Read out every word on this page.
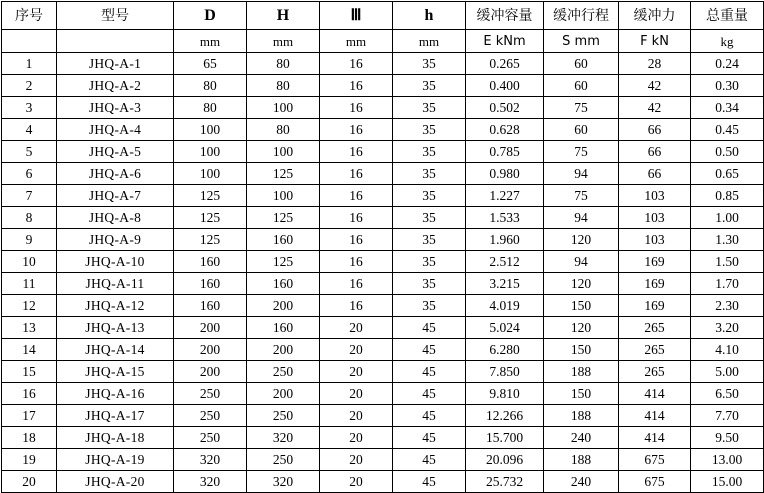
序号	型号	D	H	Ⅲ	h	缓冲容量	缓冲行程	缓冲力	总重量
		mm	mm	mm	mm	E kNm	S mm	F kN	kg
1	JHQ-A-1	65	80	16	35	0.265	60	28	0.24
2	JHQ-A-2	80	80	16	35	0.400	60	42	0.30
3	JHQ-A-3	80	100	16	35	0.502	75	42	0.34
4	JHQ-A-4	100	80	16	35	0.628	60	66	0.45
5	JHQ-A-5	100	100	16	35	0.785	75	66	0.50
6	JHQ-A-6	100	125	16	35	0.980	94	66	0.65
7	JHQ-A-7	125	100	16	35	1.227	75	103	0.85
8	JHQ-A-8	125	125	16	35	1.533	94	103	1.00
9	JHQ-A-9	125	160	16	35	1.960	120	103	1.30
10	JHQ-A-10	160	125	16	35	2.512	94	169	1.50
11	JHQ-A-11	160	160	16	35	3.215	120	169	1.70
12	JHQ-A-12	160	200	16	35	4.019	150	169	2.30
13	JHQ-A-13	200	160	20	45	5.024	120	265	3.20
14	JHQ-A-14	200	200	20	45	6.280	150	265	4.10
15	JHQ-A-15	200	250	20	45	7.850	188	265	5.00
16	JHQ-A-16	250	200	20	45	9.810	150	414	6.50
17	JHQ-A-17	250	250	20	45	12.266	188	414	7.70
18	JHQ-A-18	250	320	20	45	15.700	240	414	9.50
19	JHQ-A-19	320	250	20	45	20.096	188	675	13.00
20	JHQ-A-20	320	320	20	45	25.732	240	675	15.00
